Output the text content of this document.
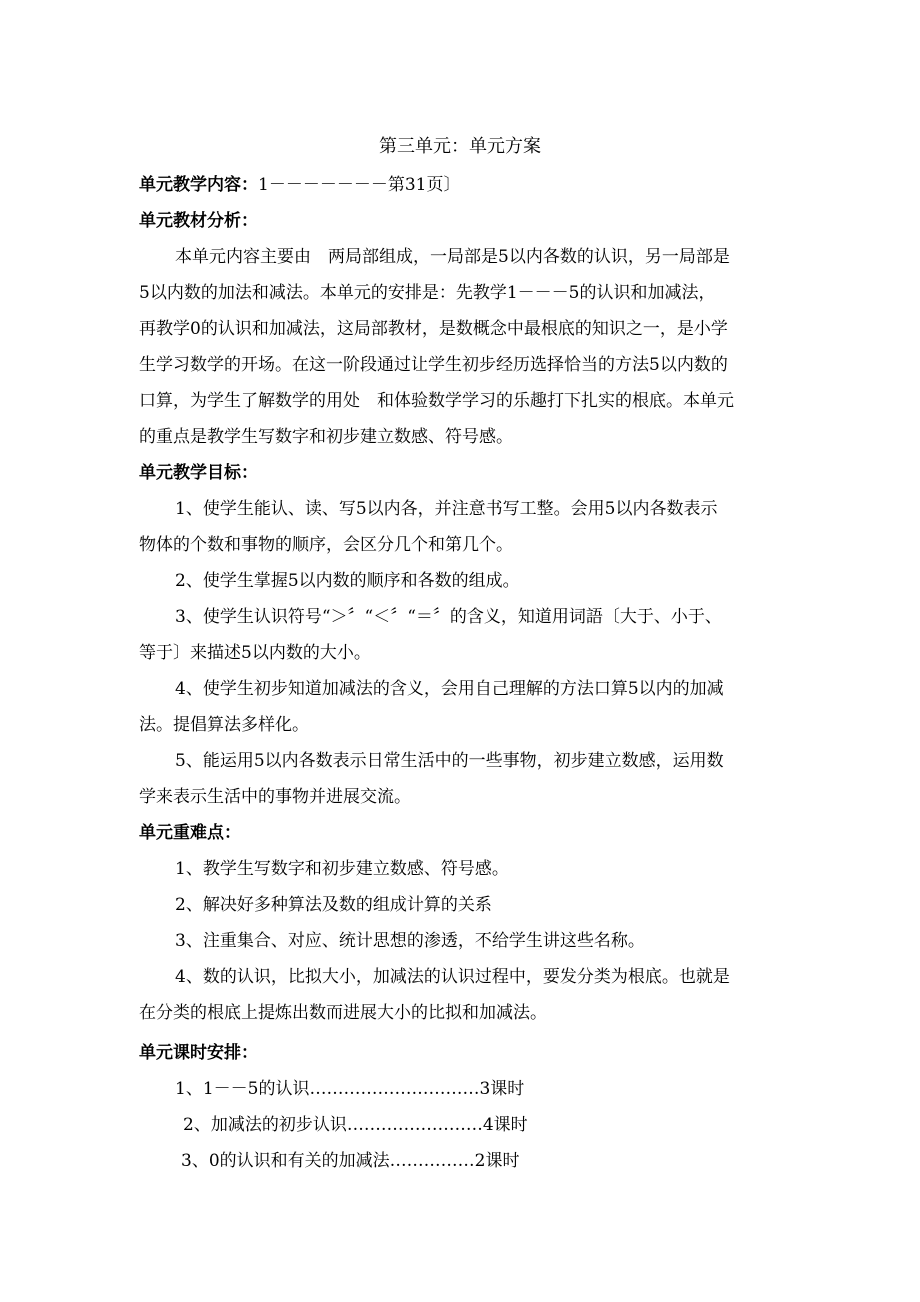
第三单元：单元方案
单元教学内容：1－－－－－－－第31页〕
单元教材分析：
本单元内容主要由　两局部组成，一局部是5以内各数的认识，另一局部是
5以内数的加法和减法。本单元的安排是：先教学1－－－5的认识和加减法，
再教学0的认识和加减法，这局部教材，是数概念中最根底的知识之一，是小学
生学习数学的开场。在这一阶段通过让学生初步经历选择恰当的方法5以内数的
口算，为学生了解数学的用处　和体验数学学习的乐趣打下扎实的根底。本单元
的重点是教学生写数字和初步建立数感、符号感。
单元教学目标：
1、使学生能认、读、写5以内各，并注意书写工整。会用5以内各数表示
物体的个数和事物的顺序，会区分几个和第几个。
2、使学生掌握5以内数的顺序和各数的组成。
3、使学生认识符号“＞〞“＜〞“＝〞的含义，知道用词語〔大于、小于、
等于〕来描述5以内数的大小。
4、使学生初步知道加减法的含义，会用自己理解的方法口算5以内的加减
法。提倡算法多样化。
5、能运用5以内各数表示日常生活中的一些事物，初步建立数感，运用数
学来表示生活中的事物并进展交流。
单元重难点：
1、教学生写数字和初步建立数感、符号感。
2、解决好多种算法及数的组成计算的关系
3、注重集合、对应、统计思想的渗透，不给学生讲这些名称。
4、数的认识，比拟大小，加减法的认识过程中，要发分类为根底。也就是
在分类的根底上提炼出数而进展大小的比拟和加减法。
单元课时安排：
1、1－－5的认识…………………………3课时
2、加减法的初步认识……………………4课时
3、0的认识和有关的加减法……………2课时
